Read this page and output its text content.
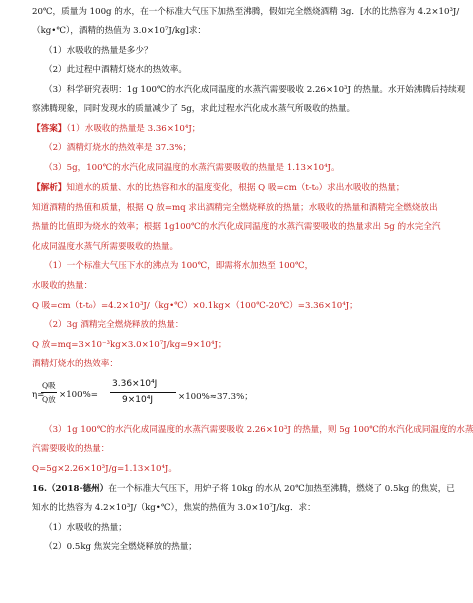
20℃，质量为 100g 的水，在一个标准大气压下加热至沸腾，假如完全燃烧酒精 3g．[水的比热容为 4.2×10³J/
（kg•℃），酒精的热值为 3.0×10⁷J/kg]求：
（1）水吸收的热量是多少？
（2）此过程中酒精灯烧水的热效率。
（3）科学研究表明：1g 100℃的水汽化成同温度的水蒸汽需要吸收 2.26×10³J 的热量。水开始沸腾后持续观
察沸腾现象，同时发现水的质量减少了 5g，求此过程水汽化成水蒸气所吸收的热量。
【答案】（1）水吸收的热量是 3.36×10⁴J；
（2）酒精灯烧水的热效率是 37.3%；
（3）5g，100℃的水汽化成同温度的水蒸汽需要吸收的热量是 1.13×10⁴J。
【解析】知道水的质量、水的比热容和水的温度变化，根据 Q 吸=cm（t-t₀）求出水吸收的热量；
知道酒精的热值和质量，根据 Q 放=mq 求出酒精完全燃烧释放的热量；水吸收的热量和酒精完全燃烧放出
热量的比值即为烧水的效率；根据 1g100℃的水汽化成同温度的水蒸汽需要吸收的热量求出 5g 的水完全汽
化成同温度水蒸气所需要吸收的热量。
（1）一个标准大气压下水的沸点为 100℃，即需将水加热至 100℃，
水吸收的热量：
Q 吸=cm（t-t₀）=4.2×10³J/（kg•℃）×0.1kg×（100℃-20℃）=3.36×10⁴J；
（2）3g 酒精完全燃烧释放的热量：
Q 放=mq=3×10⁻³kg×3.0×10⁷J/kg=9×10⁴J；
酒精灯烧水的热效率：
η=
Q吸
Q放 ×100%=
3.36×10⁴J
9×10⁴J	×100%≈37.3%；
（3）1g 100℃的水汽化成同温度的水蒸汽需要吸收 2.26×10³J 的热量，则 5g 100℃的水汽化成同温度的水蒸
汽需要吸收的热量：
Q=5g×2.26×10³J/g=1.13×10⁴J。
16.（2018·德州）在一个标准大气压下，用炉子将 10kg 的水从 20℃加热至沸腾，燃烧了 0.5kg 的焦炭，已
知水的比热容为 4.2×10³J/（kg•℃），焦炭的热值为 3.0×10⁷J/kg．求：
（1）水吸收的热量；
（2）0.5kg 焦炭完全燃烧释放的热量；
